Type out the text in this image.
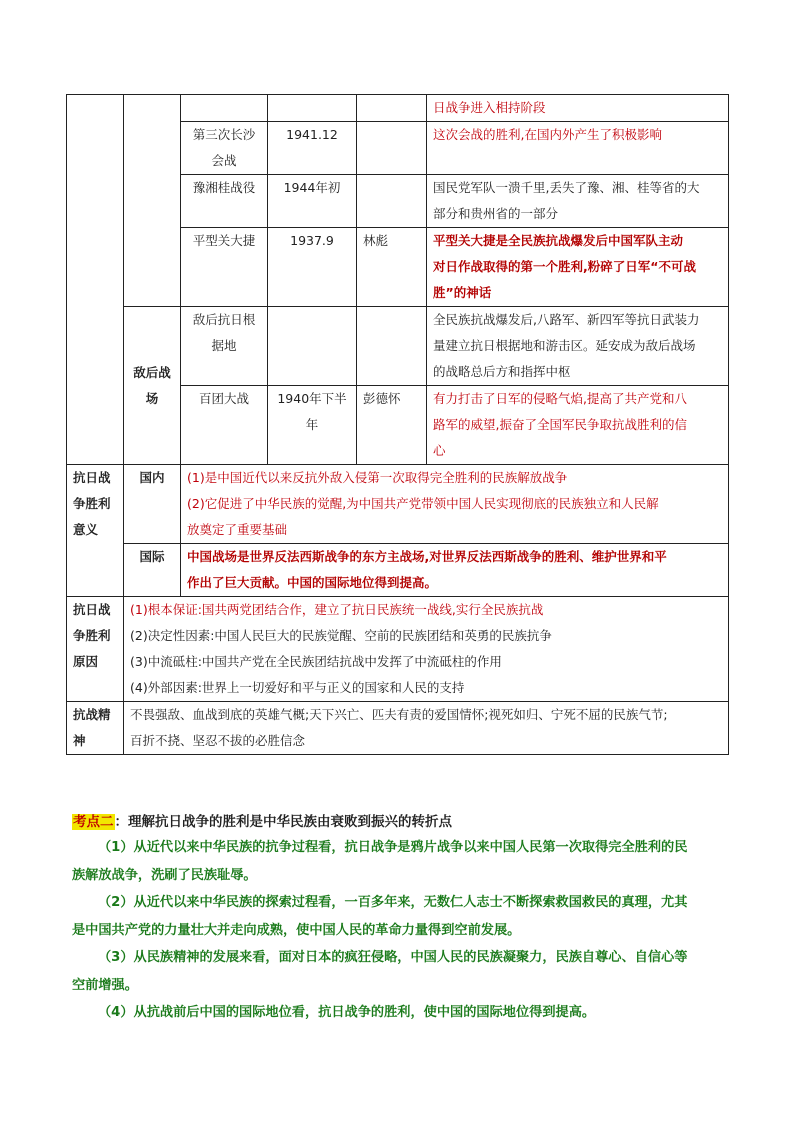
					日战争进入相持阶段

		第三次长沙会战	1941.12		这次会战的胜利,在国内外产生了积极影响

		豫湘桂战役	1944年初		国民党军队一溃千里,丢失了豫、湘、桂等省的大
部分和贵州省的一部分

		平型关大捷	1937.9	林彪	平型关大捷是全民族抗战爆发后中国军队主动
对日作战取得的第一个胜利,粉碎了日军“不可战
胜”的神话

	敌后战场	敌后抗日根据地			全民族抗战爆发后,八路军、新四军等抗日武装力
量建立抗日根据地和游击区。延安成为敌后战场
的战略总后方和指挥中枢

		百团大战	1940年下半年	彭德怀	有力打击了日军的侵略气焰,提高了共产党和八
路军的威望,振奋了全国军民争取抗战胜利的信
心

抗日战争胜利意义	国内	(1)是中国近代以来反抗外敌入侵第一次取得完全胜利的民族解放战争
(2)它促进了中华民族的觉醒,为中国共产党带领中国人民实现彻底的民族独立和人民解
放奠定了重要基础			

	国际	中国战场是世界反法西斯战争的东方主战场,对世界反法西斯战争的胜利、维护世界和平
作出了巨大贡献。中国的国际地位得到提高。			

抗日战争胜利原因	(1)根本保证:国共两党团结合作，建立了抗日民族统一战线,实行全民族抗战
(2)决定性因素:中国人民巨大的民族觉醒、空前的民族团结和英勇的民族抗争
(3)中流砥柱:中国共产党在全民族团结抗战中发挥了中流砥柱的作用
(4)外部因素:世界上一切爱好和平与正义的国家和人民的支持				

抗战精神	不畏强敌、血战到底的英雄气概;天下兴亡、匹夫有责的爱国情怀;视死如归、宁死不屈的民族气节;
百折不挠、坚忍不拔的必胜信念				
考点二：理解抗日战争的胜利是中华民族由衰败到振兴的转折点
（1）从近代以来中华民族的抗争过程看，抗日战争是鸦片战争以来中国人民第一次取得完全胜利的民
族解放战争，洗刷了民族耻辱。
（2）从近代以来中华民族的探索过程看，一百多年来，无数仁人志士不断探索救国救民的真理，尤其
是中国共产党的力量壮大并走向成熟，使中国人民的革命力量得到空前发展。
（3）从民族精神的发展来看，面对日本的疯狂侵略，中国人民的民族凝聚力，民族自尊心、自信心等
空前增强。
（4）从抗战前后中国的国际地位看，抗日战争的胜利，使中国的国际地位得到提高。
